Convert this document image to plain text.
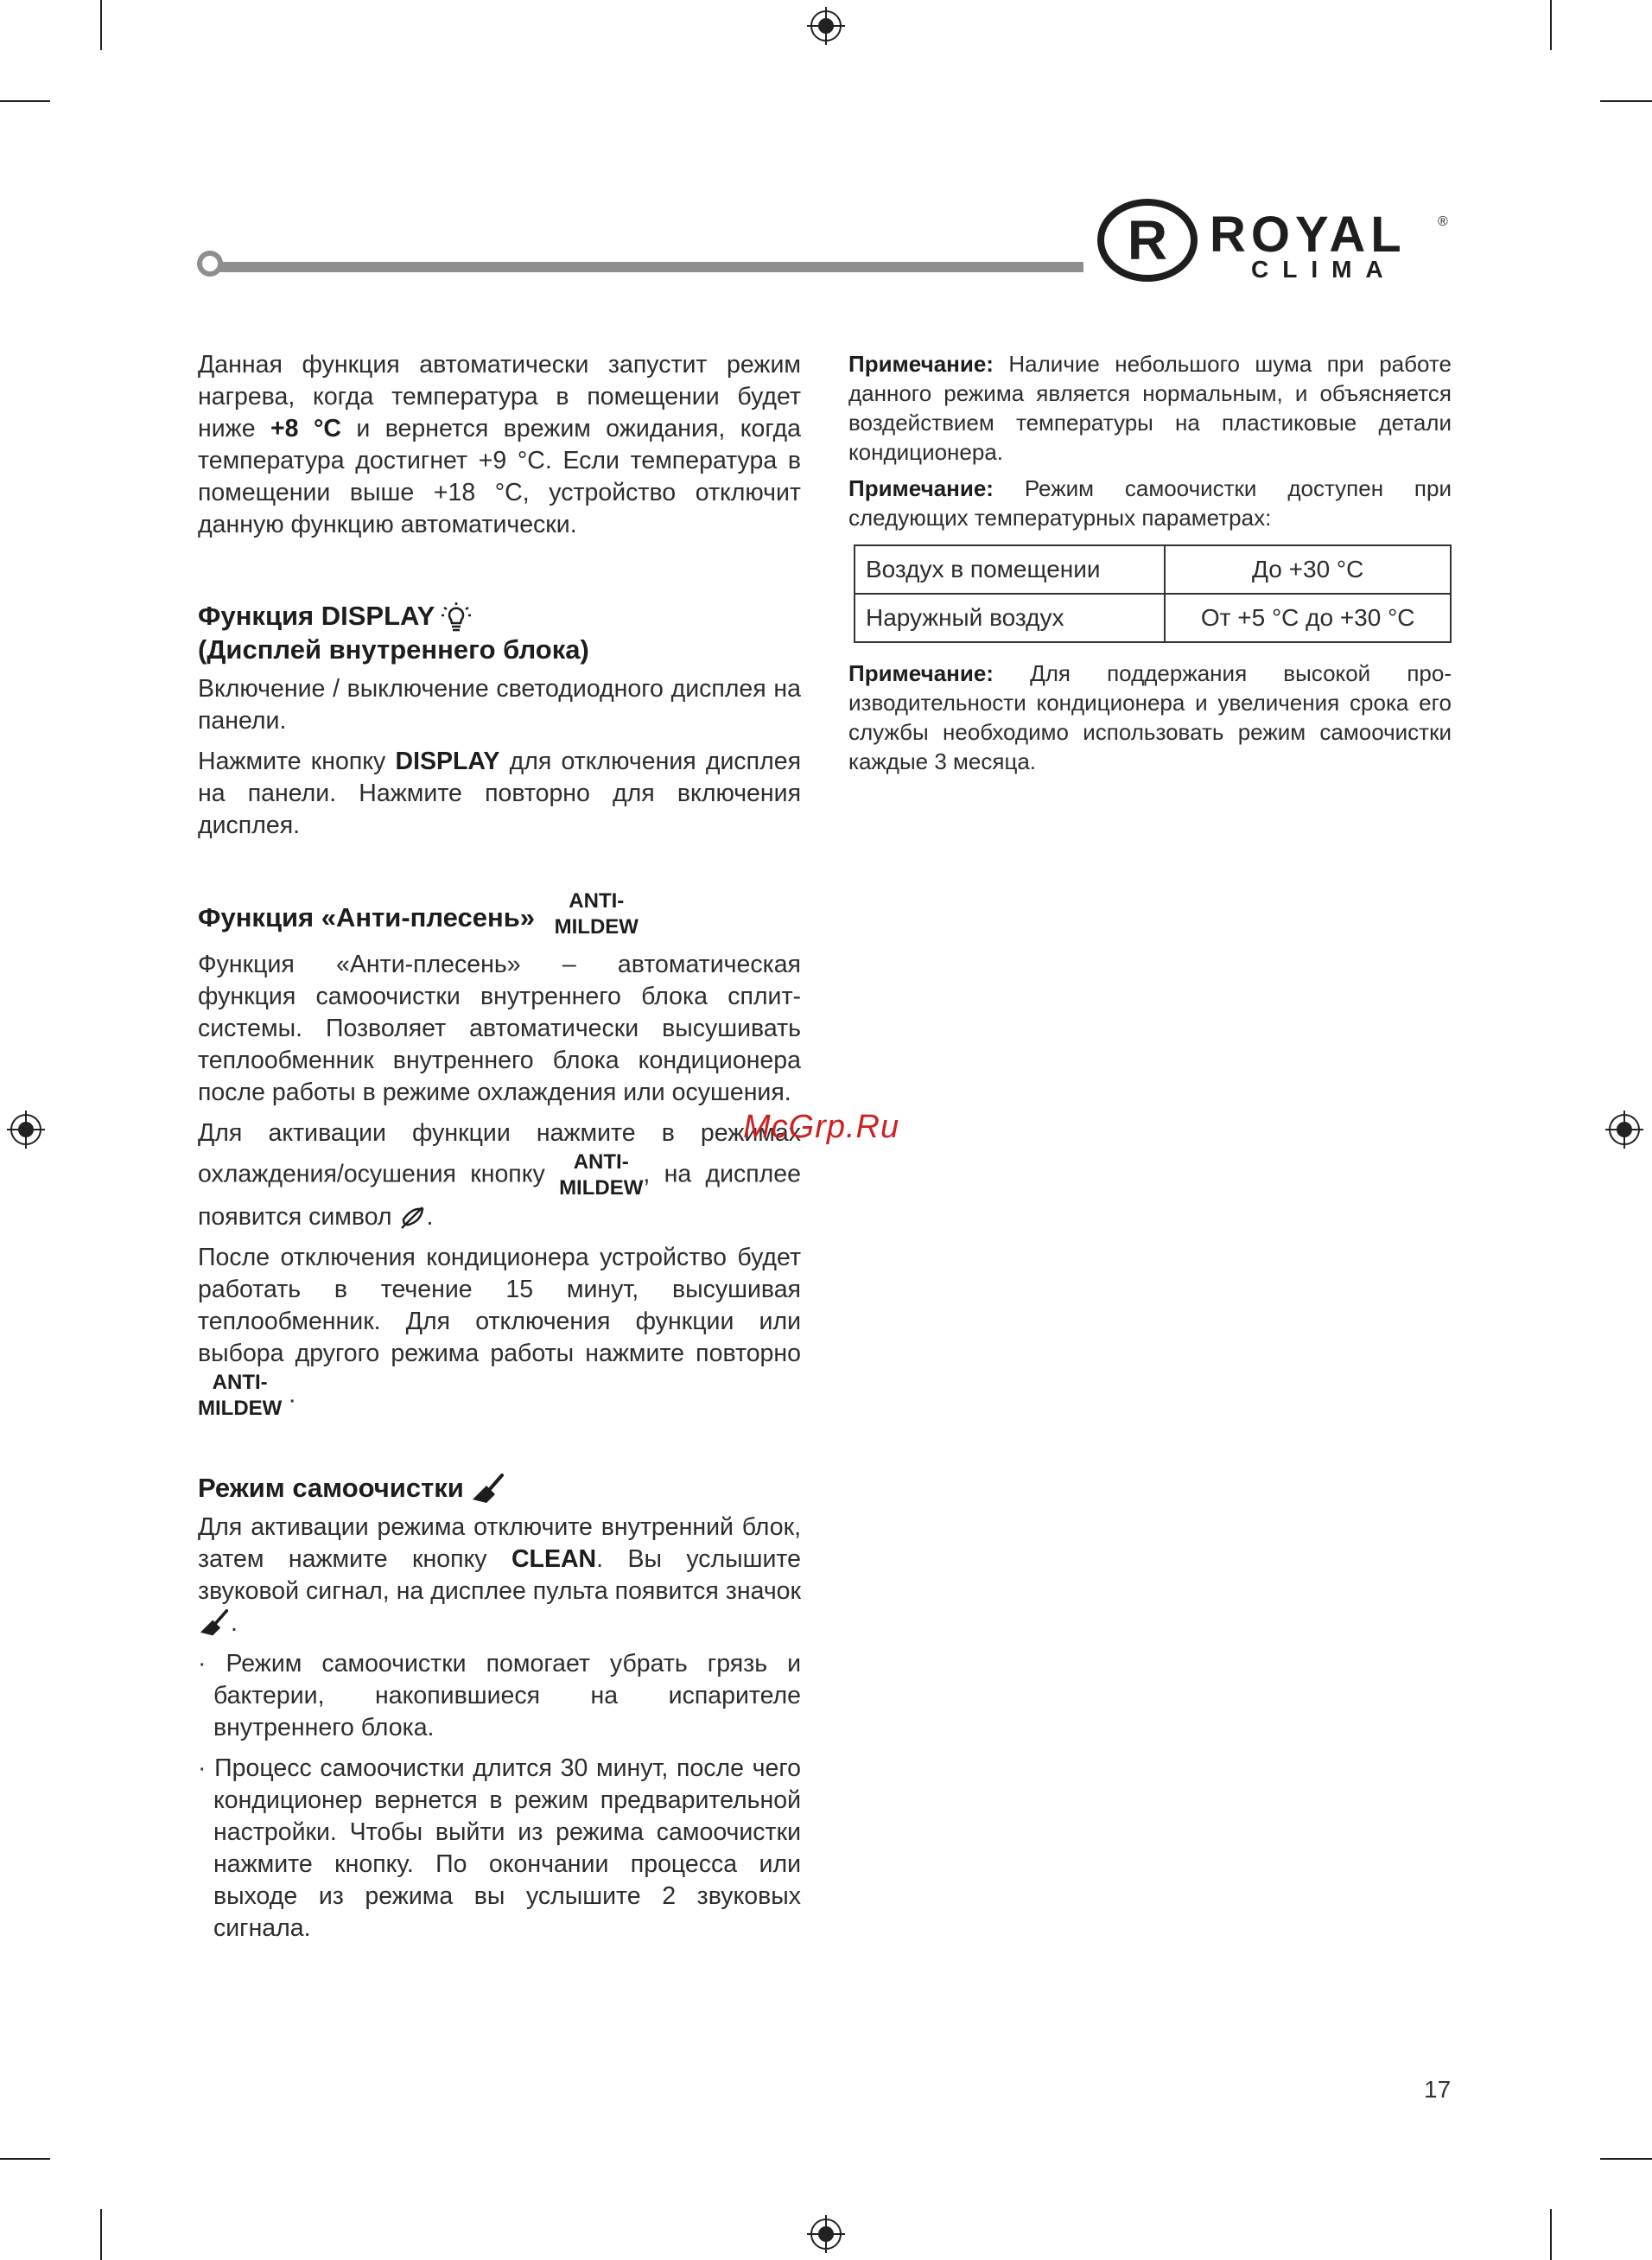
R ROYAL ®
CLIMA

Данная функция автоматически запустит режим нагрева, когда температура в помещении будет ниже +8 °C и вернется врежим ожидания, когда температура достигнет +9 °C. Если температура в помещении выше +18 °C, устройство отключит данную функцию автоматически.

Функция DISPLAY
(Дисплей внутреннего блока)

Включение / выключение светодиодного дисплея на панели.

Нажмите кнопку DISPLAY для отключения дисплея на панели. Нажмите повторно для включения дисплея.

Функция «Анти-плесень» ANTI-
MILDEW

Функция «Анти-плесень» – автоматическая функция самоочистки внутреннего блока сплит-системы. Позволяет автоматически высушивать теплообменник внутреннего блока кондиционера после работы в режиме охлаждения или осушения.

Для активации функции нажмите в режимах охлаждения/осушения кнопку ANTI-
MILDEW, на дисплее появится символ .

После отключения кондиционера устройство будет работать в течение 15 минут, высушивая теплообменник. Для отключения функции или выбора другого режима работы нажмите повторно ANTI-
MILDEW .

Режим самоочистки

Для активации режима отключите внутренний блок, затем нажмите кнопку CLEAN. Вы услышите звуковой сигнал, на дисплее пульта появится значок .

· Режим самоочистки помогает убрать грязь и бактерии, накопившиеся на испарителе внутреннего блока.

· Процесс самоочистки длится 30 минут, после чего кондиционер вернется в режим предварительной настройки. Чтобы выйти из режима самоочистки нажмите кнопку. По окончании процесса или выходе из режима вы услышите 2 звуковых сигнала.

Примечание: Наличие небольшого шума при работе данного режима является нормальным, и объясняется воздействием температуры на пластиковые детали кондиционера.

Примечание: Режим самоочистки доступен при следующих температурных параметрах:

Воздух в помещении	До +30 °C
Наружный воздух	От +5 °C до +30 °C

Примечание: Для поддержания высокой производительности кондиционера и увеличения срока его службы необходимо использовать режим самоочистки каждые 3 месяца.

McGrp.Ru
17
